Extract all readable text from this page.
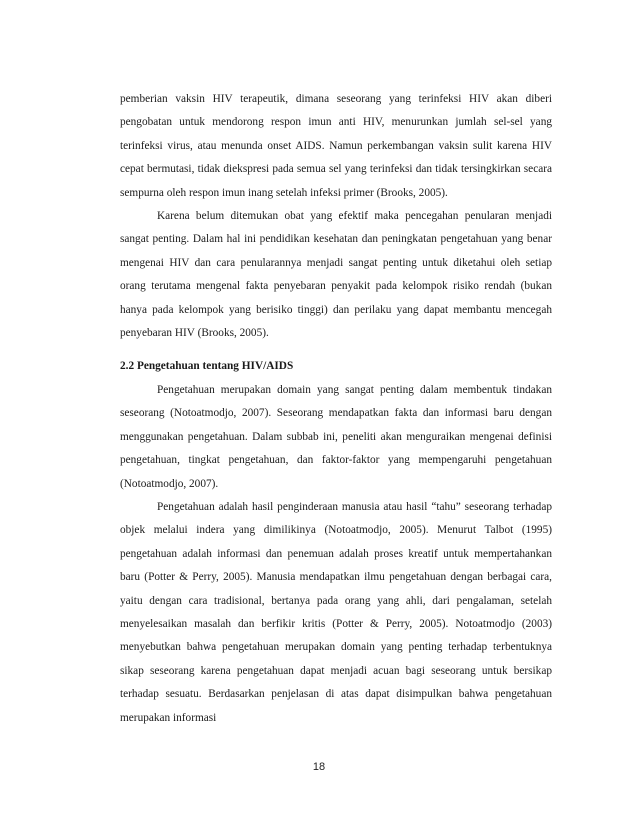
pemberian vaksin HIV terapeutik, dimana seseorang yang terinfeksi HIV akan diberi pengobatan untuk mendorong respon imun anti HIV, menurunkan jumlah sel-sel yang terinfeksi virus, atau menunda onset AIDS. Namun perkembangan vaksin sulit karena HIV cepat bermutasi, tidak diekspresi pada semua sel yang terinfeksi dan tidak tersingkirkan secara sempurna oleh respon imun inang setelah infeksi primer (Brooks, 2005).

Karena belum ditemukan obat yang efektif maka pencegahan penularan menjadi sangat penting. Dalam hal ini pendidikan kesehatan dan peningkatan pengetahuan yang benar mengenai HIV dan cara penularannya menjadi sangat penting untuk diketahui oleh setiap orang terutama mengenal fakta penyebaran penyakit pada kelompok risiko rendah (bukan hanya pada kelompok yang berisiko tinggi) dan perilaku yang dapat membantu mencegah penyebaran HIV (Brooks, 2005).

2.2 Pengetahuan tentang HIV/AIDS

Pengetahuan merupakan domain yang sangat penting dalam membentuk tindakan seseorang (Notoatmodjo, 2007). Seseorang mendapatkan fakta dan informasi baru dengan menggunakan pengetahuan. Dalam subbab ini, peneliti akan menguraikan mengenai definisi pengetahuan, tingkat pengetahuan, dan faktor-faktor yang mempengaruhi pengetahuan (Notoatmodjo, 2007).

Pengetahuan adalah hasil penginderaan manusia atau hasil “tahu” seseorang terhadap objek melalui indera yang dimilikinya (Notoatmodjo, 2005). Menurut Talbot (1995) pengetahuan adalah informasi dan penemuan adalah proses kreatif untuk mempertahankan baru (Potter & Perry, 2005). Manusia mendapatkan ilmu pengetahuan dengan berbagai cara, yaitu dengan cara tradisional, bertanya pada orang yang ahli, dari pengalaman, setelah menyelesaikan masalah dan berfikir kritis (Potter & Perry, 2005). Notoatmodjo (2003) menyebutkan bahwa pengetahuan merupakan domain yang penting terhadap terbentuknya sikap seseorang karena pengetahuan dapat menjadi acuan bagi seseorang untuk bersikap terhadap sesuatu. Berdasarkan penjelasan di atas dapat disimpulkan bahwa pengetahuan merupakan informasi

18
